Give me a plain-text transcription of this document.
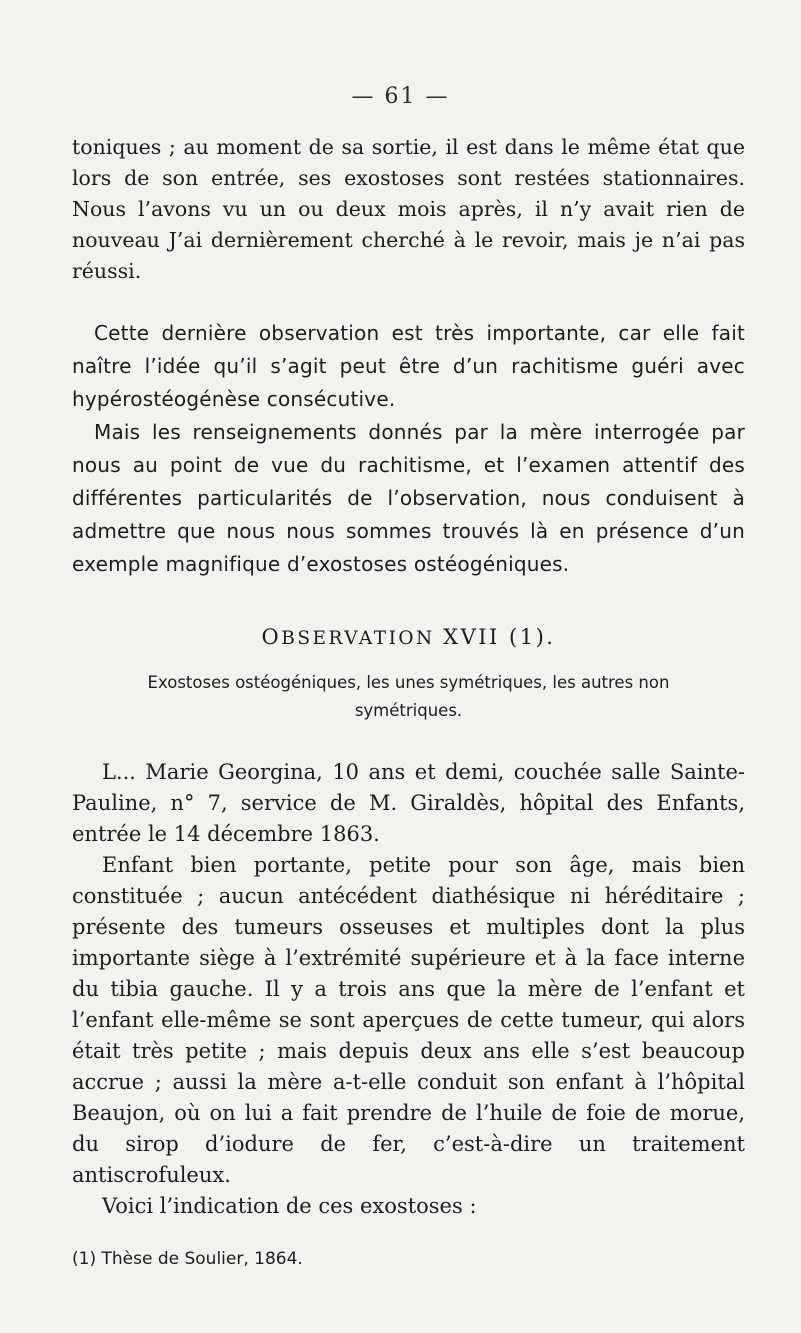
— 61 —

toniques ; au moment de sa sortie, il est dans le même état que lors de son entrée, ses exostoses sont restées stationnaires. Nous l’avons vu un ou deux mois après, il n’y avait rien de nouveau J’ai dernièrement cherché à le revoir, mais je n’ai pas réussi.

Cette dernière observation est très importante, car elle fait naître l’idée qu’il s’agit peut être d’un rachitisme guéri avec hypérostéogénèse consécutive.

Mais les renseignements donnés par la mère interrogée par nous au point de vue du rachitisme, et l’examen attentif des différentes particularités de l’observation, nous conduisent à admettre que nous nous sommes trouvés là en présence d’un exemple magnifique d’exostoses ostéogéniques.

OBSERVATION XVII (1).
Exostoses ostéogéniques, les unes symétriques, les autres non symétriques.

L... Marie Georgina, 10 ans et demi, couchée salle Sainte-Pauline, n° 7, service de M. Giraldès, hôpital des Enfants, entrée le 14 décembre 1863.

Enfant bien portante, petite pour son âge, mais bien constituée ; aucun antécédent diathésique ni héréditaire ; présente des tumeurs osseuses et multiples dont la plus importante siège à l’extrémité supérieure et à la face interne du tibia gauche. Il y a trois ans que la mère de l’enfant et l’enfant elle-même se sont aperçues de cette tumeur, qui alors était très petite ; mais depuis deux ans elle s’est beaucoup accrue ; aussi la mère a-t-elle conduit son enfant à l’hôpital Beaujon, où on lui a fait prendre de l’huile de foie de morue, du sirop d’iodure de fer, c’est-à-dire un traitement antiscrofuleux.

Voici l’indication de ces exostoses :

(1) Thèse de Soulier, 1864.
